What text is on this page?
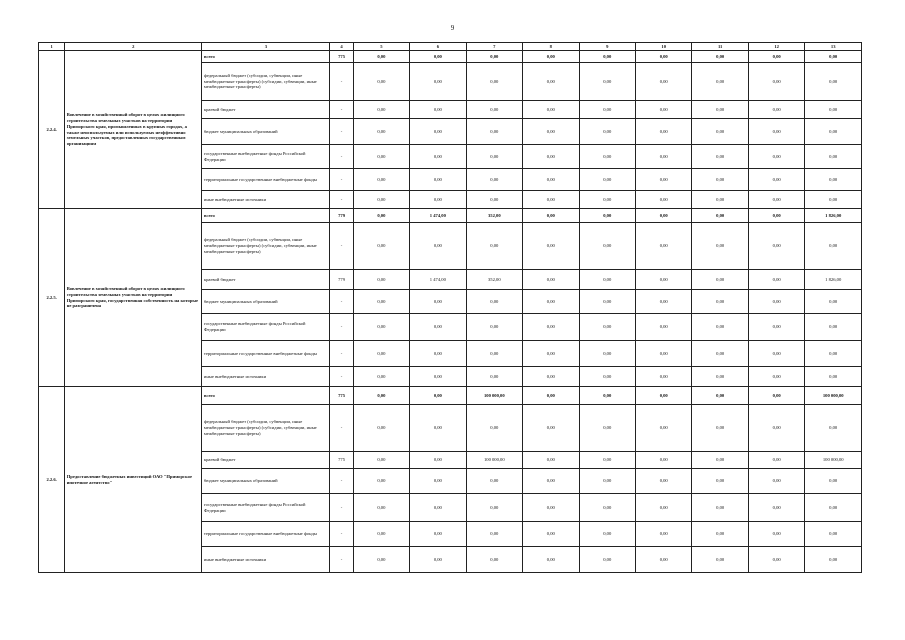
9
1	2	3	4	5	6	7	8	9	10	11	12	13
2.2.4.	Вовлечение в хозяйственный оборот в целях жилищного строительства земельных участков на территории Приморского края, промышленных в крупных городах, а также неиспользуемых или используемых неэффективно земельных участков, предоставленных государственным организациям	всего	775	0,00	0,00	0,00	0,00	0,00	0,00	0,00	0,00	0,00
		федеральный бюджет (субсидии, субвенции, иные межбюджетные трансферты) (субсидии, субвенции, иные межбюджетные трансферты)	-	0,00	0,00	0,00	0,00	0,00	0,00	0,00	0,00	0,00
		краевой бюджет	-	0,00	0,00	0,00	0,00	0,00	0,00	0,00	0,00	0,00
		бюджет муниципальных образований	-	0,00	0,00	0,00	0,00	0,00	0,00	0,00	0,00	0,00
		государственные внебюджетные фонды Российской Федерации	-	0,00	0,00	0,00	0,00	0,00	0,00	0,00	0,00	0,00
		территориальные государственные внебюджетные фонды	-	0,00	0,00	0,00	0,00	0,00	0,00	0,00	0,00	0,00
		иные внебюджетные источники	-	0,00	0,00	0,00	0,00	0,00	0,00	0,00	0,00	0,00
2.2.5.	Вовлечение в хозяйственный оборот в целях жилищного строительства земельных участков на территории Приморского края, государственная собственность на которые не разграничена	всего	779	0,00	1 474,00	352,00	0,00	0,00	0,00	0,00	0,00	1 826,00
		федеральный бюджет (субсидии, субвенции, иные межбюджетные трансферты) (субсидии, субвенции, иные межбюджетные трансферты)	-	0,00	0,00	0,00	0,00	0,00	0,00	0,00	0,00	0,00
		краевой бюджет	779	0,00	1 474,00	352,00	0,00	0,00	0,00	0,00	0,00	1 826,00
		бюджет муниципальных образований	-	0,00	0,00	0,00	0,00	0,00	0,00	0,00	0,00	0,00
		государственные внебюджетные фонды Российской Федерации	-	0,00	0,00	0,00	0,00	0,00	0,00	0,00	0,00	0,00
		территориальные государственные внебюджетные фонды	-	0,00	0,00	0,00	0,00	0,00	0,00	0,00	0,00	0,00
		иные внебюджетные источники	-	0,00	0,00	0,00	0,00	0,00	0,00	0,00	0,00	0,00
2.2.6.	Предоставление бюджетных инвестиций ОАО "Приморское ипотечное агентство"	всего	775	0,00	0,00	100 000,00	0,00	0,00	0,00	0,00	0,00	100 000,00
		федеральный бюджет (субсидии, субвенции, иные межбюджетные трансферты) (субсидии, субвенции, иные межбюджетные трансферты)	-	0,00	0,00	0,00	0,00	0,00	0,00	0,00	0,00	0,00
		краевой бюджет	775	0,00	0,00	100 000,00	0,00	0,00	0,00	0,00	0,00	100 000,00
		бюджет муниципальных образований	-	0,00	0,00	0,00	0,00	0,00	0,00	0,00	0,00	0,00
		государственные внебюджетные фонды Российской Федерации	-	0,00	0,00	0,00	0,00	0,00	0,00	0,00	0,00	0,00
		территориальные государственные внебюджетные фонды	-	0,00	0,00	0,00	0,00	0,00	0,00	0,00	0,00	0,00
		иные внебюджетные источники	-	0,00	0,00	0,00	0,00	0,00	0,00	0,00	0,00	0,00
